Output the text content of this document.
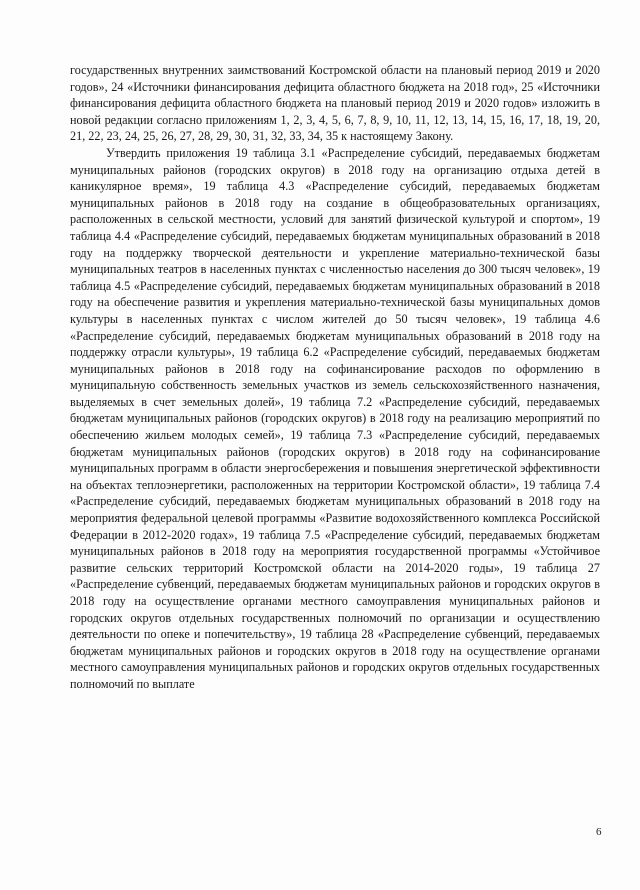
государственных внутренних заимствований Костромской области на плановый период 2019 и 2020 годов», 24 «Источники финансирования дефицита областного бюджета на 2018 год», 25 «Источники финансирования дефицита областного бюджета на плановый период 2019 и 2020 годов» изложить в новой редакции согласно приложениям 1, 2, 3, 4, 5, 6, 7, 8, 9, 10, 11, 12, 13, 14, 15, 16, 17, 18, 19, 20, 21, 22, 23, 24, 25, 26, 27, 28, 29, 30, 31, 32, 33, 34, 35 к настоящему Закону.

Утвердить приложения 19 таблица 3.1 «Распределение субсидий, передаваемых бюджетам муниципальных районов (городских округов) в 2018 году на организацию отдыха детей в каникулярное время», 19 таблица 4.3 «Распределение субсидий, передаваемых бюджетам муниципальных районов в 2018 году на создание в общеобразовательных организациях, расположенных в сельской местности, условий для занятий физической культурой и спортом», 19 таблица 4.4 «Распределение субсидий, передаваемых бюджетам муниципальных образований в 2018 году на поддержку творческой деятельности и укрепление материально-технической базы муниципальных театров в населенных пунктах с численностью населения до 300 тысяч человек», 19 таблица 4.5 «Распределение субсидий, передаваемых бюджетам муниципальных образований в 2018 году на обеспечение развития и укрепления материально-технической базы муниципальных домов культуры в населенных пунктах с числом жителей до 50 тысяч человек», 19 таблица 4.6 «Распределение субсидий, передаваемых бюджетам муниципальных образований в 2018 году на поддержку отрасли культуры», 19 таблица 6.2 «Распределение субсидий, передаваемых бюджетам муниципальных районов в 2018 году на софинансирование расходов по оформлению в муниципальную собственность земельных участков из земель сельскохозяйственного назначения, выделяемых в счет земельных долей», 19 таблица 7.2 «Распределение субсидий, передаваемых бюджетам муниципальных районов (городских округов) в 2018 году на реализацию мероприятий по обеспечению жильем молодых семей», 19 таблица 7.3 «Распределение субсидий, передаваемых бюджетам муниципальных районов (городских округов) в 2018 году на софинансирование муниципальных программ в области энергосбережения и повышения энергетической эффективности на объектах теплоэнергетики, расположенных на территории Костромской области», 19 таблица 7.4 «Распределение субсидий, передаваемых бюджетам муниципальных образований в 2018 году на мероприятия федеральной целевой программы «Развитие водохозяйственного комплекса Российской Федерации в 2012-2020 годах», 19 таблица 7.5 «Распределение субсидий, передаваемых бюджетам муниципальных районов в 2018 году на мероприятия государственной программы «Устойчивое развитие сельских территорий Костромской области на 2014-2020 годы», 19 таблица 27 «Распределение субвенций, передаваемых бюджетам муниципальных районов и городских округов в 2018 году на осуществление органами местного самоуправления муниципальных районов и городских округов отдельных государственных полномочий по организации и осуществлению деятельности по опеке и попечительству», 19 таблица 28 «Распределение субвенций, передаваемых бюджетам муниципальных районов и городских округов в 2018 году на осуществление органами местного самоуправления муниципальных районов и городских округов отдельных государственных полномочий по выплате

6
